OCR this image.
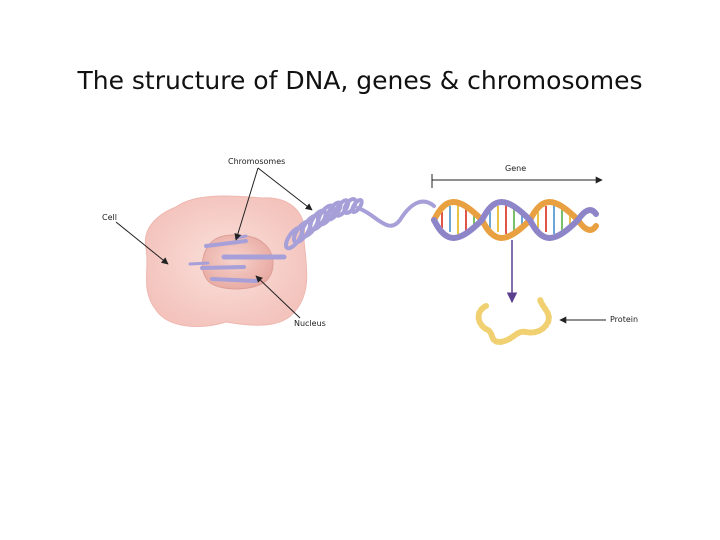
The structure of DNA, genes & chromosomes
Chromosomes
Gene
Cell
Nucleus	Protein
